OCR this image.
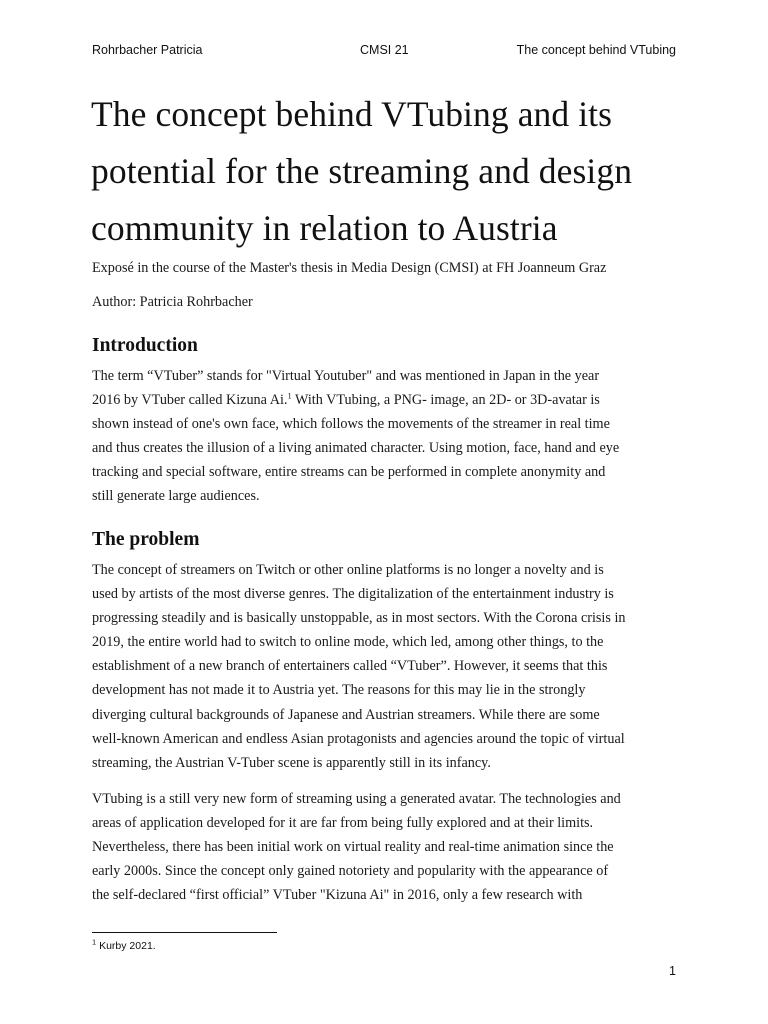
Rohrbacher Patricia	CMSI 21	The concept behind VTubing
The concept behind VTubing and its
potential for the streaming and design
community in relation to Austria

Exposé in the course of the Master's thesis in Media Design (CMSI) at FH Joanneum Graz

Author: Patricia Rohrbacher

Introduction

The term “VTuber” stands for "Virtual Youtuber" and was mentioned in Japan in the year
2016 by VTuber called Kizuna Ai.$^1$ With VTubing, a PNG- image, an 2D- or 3D-avatar is
shown instead of one's own face, which follows the movements of the streamer in real time
and thus creates the illusion of a living animated character. Using motion, face, hand and eye
tracking and special software, entire streams can be performed in complete anonymity and
still generate large audiences.

The problem

The concept of streamers on Twitch or other online platforms is no longer a novelty and is
used by artists of the most diverse genres. The digitalization of the entertainment industry is
progressing steadily and is basically unstoppable, as in most sectors. With the Corona crisis in
2019, the entire world had to switch to online mode, which led, among other things, to the
establishment of a new branch of entertainers called “VTuber”. However, it seems that this
development has not made it to Austria yet. The reasons for this may lie in the strongly
diverging cultural backgrounds of Japanese and Austrian streamers. While there are some
well-known American and endless Asian protagonists and agencies around the topic of virtual
streaming, the Austrian V-Tuber scene is apparently still in its infancy.

VTubing is a still very new form of streaming using a generated avatar. The technologies and
areas of application developed for it are far from being fully explored and at their limits.
Nevertheless, there has been initial work on virtual reality and real-time animation since the
early 2000s. Since the concept only gained notoriety and popularity with the appearance of
the self-declared “first official” VTuber "Kizuna Ai" in 2016, only a few research with

$^1$ Kurby 2021.
1
